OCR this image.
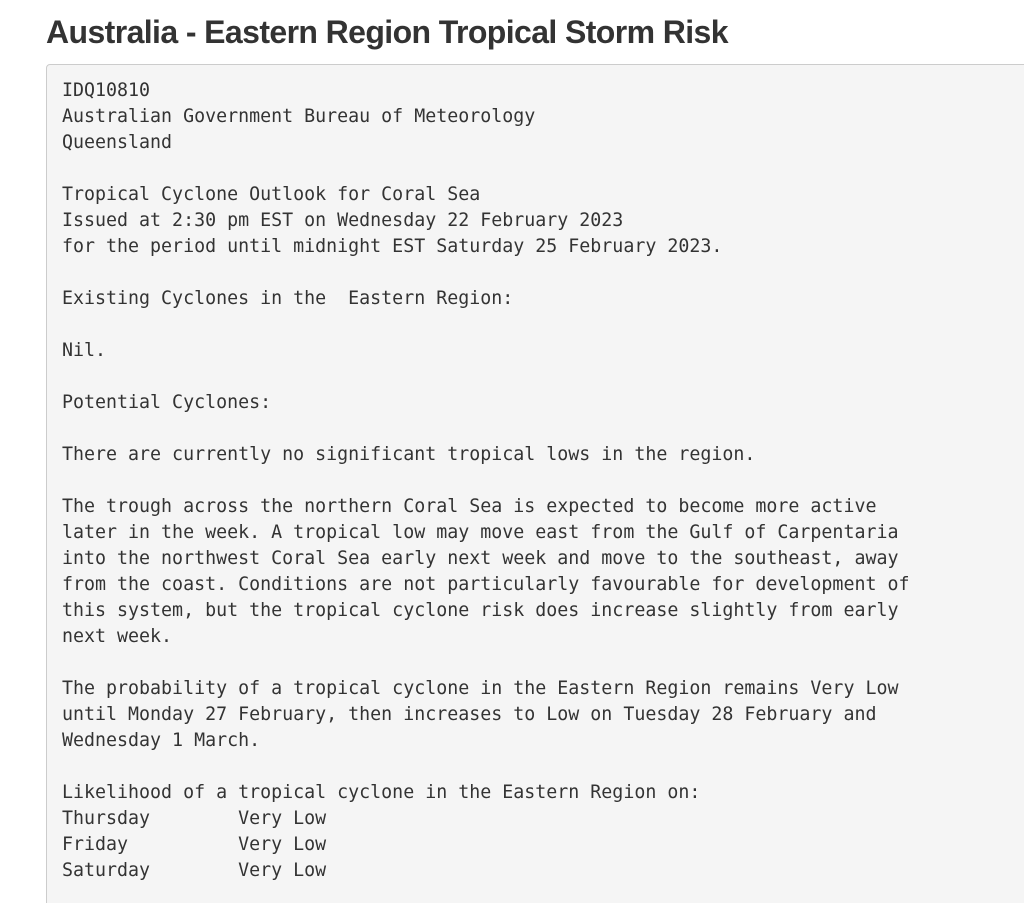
Australia - Eastern Region Tropical Storm Risk
IDQ10810
Australian Government Bureau of Meteorology
Queensland
Tropical Cyclone Outlook for Coral Sea
Issued at 2:30 pm EST on Wednesday 22 February 2023
for the period until midnight EST Saturday 25 February 2023.
Existing Cyclones in the  Eastern Region:
Nil.
Potential Cyclones:
There are currently no significant tropical lows in the region.
The trough across the northern Coral Sea is expected to become more active
later in the week. A tropical low may move east from the Gulf of Carpentaria
into the northwest Coral Sea early next week and move to the southeast, away
from the coast. Conditions are not particularly favourable for development of
this system, but the tropical cyclone risk does increase slightly from early
next week.
The probability of a tropical cyclone in the Eastern Region remains Very Low
until Monday 27 February, then increases to Low on Tuesday 28 February and
Wednesday 1 March.
Likelihood of a tropical cyclone in the Eastern Region on:
Thursday        Very Low
Friday          Very Low
Saturday        Very Low
